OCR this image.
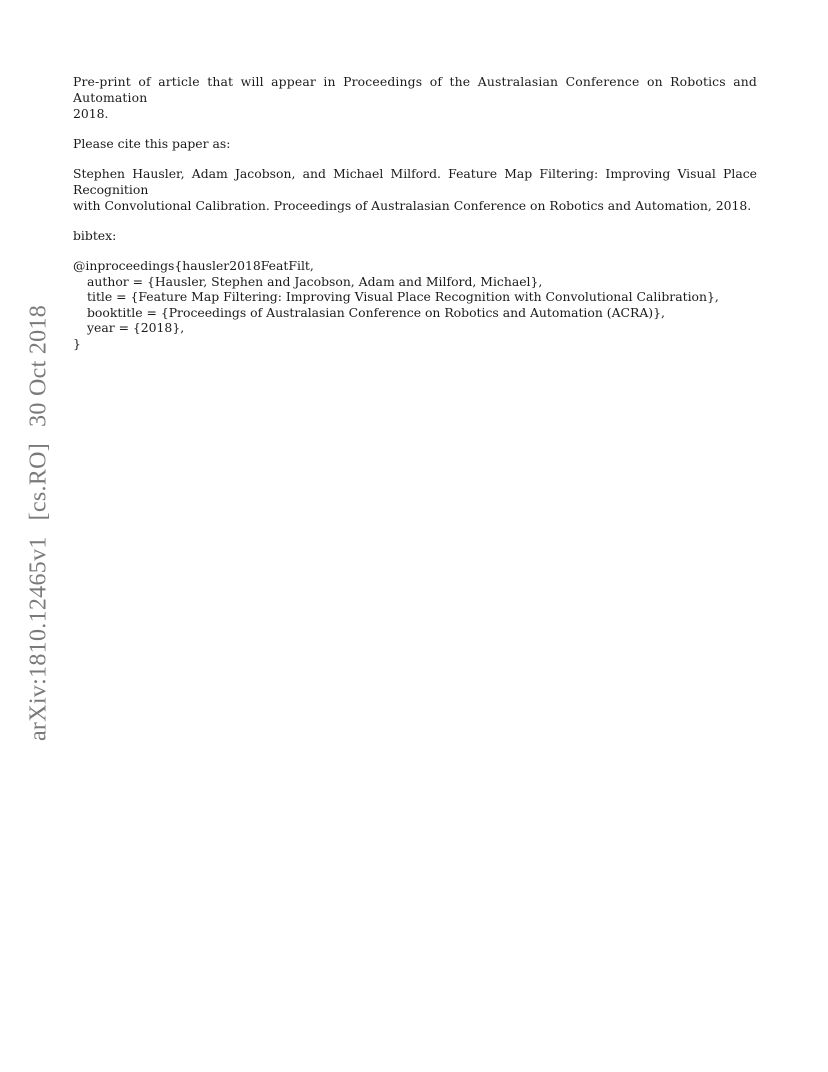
arXiv:1810.12465v1[cs.RO]30 Oct 2018

Pre-print of article that will appear in Proceedings of the Australasian Conference on Robotics and Automation
2018.

Please cite this paper as:

Stephen Hausler, Adam Jacobson, and Michael Milford. Feature Map Filtering: Improving Visual Place Recognition
with Convolutional Calibration. Proceedings of Australasian Conference on Robotics and Automation, 2018.

bibtex:

@inproceedings{hausler2018FeatFilt,
author = {Hausler, Stephen and Jacobson, Adam and Milford, Michael},
title = {Feature Map Filtering: Improving Visual Place Recognition with Convolutional Calibration},
booktitle = {Proceedings of Australasian Conference on Robotics and Automation (ACRA)},
year = {2018},
}
